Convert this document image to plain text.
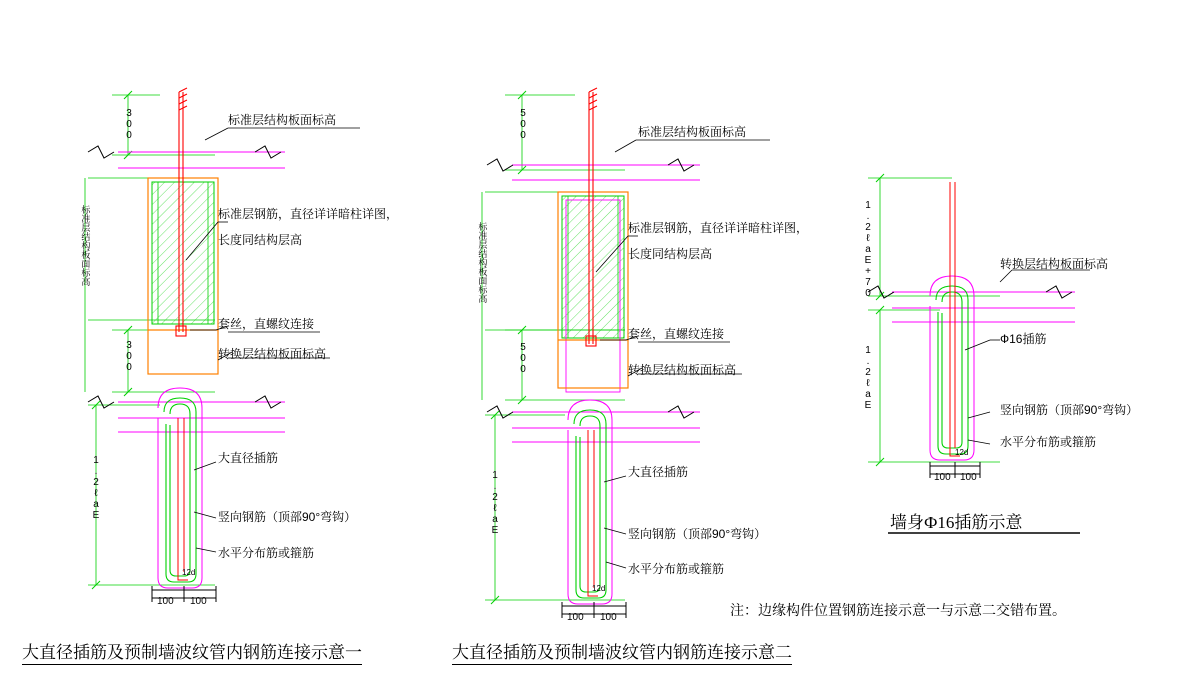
300
300
1.2ℓaE
标准层结构板面标高
12d
100 100
标准层结构板面标高
标准层钢筋，直径详详暗柱详图，
长度同结构层高
套丝，直螺纹连接
转换层结构板面标高
大直径插筋
竖向钢筋（顶部90°弯钩）
水平分布筋或箍筋
大直径插筋及预制墙波纹管内钢筋连接示意一
500
500
1.2ℓaE
标准层结构板面标高
12d
100 100
标准层结构板面标高
标准层钢筋，直径详详暗柱详图，
长度同结构层高
套丝，直螺纹连接
转换层结构板面标高
大直径插筋
竖向钢筋（顶部90°弯钩）
水平分布筋或箍筋
大直径插筋及预制墙波纹管内钢筋连接示意二
1.2ℓaE+70
1.2ℓaE
12d
100 100
转换层结构板面标高
Ф16插筋
竖向钢筋（顶部90°弯钩）
水平分布筋或箍筋
墙身Ф16插筋示意
注：边缘构件位置钢筋连接示意一与示意二交错布置。
